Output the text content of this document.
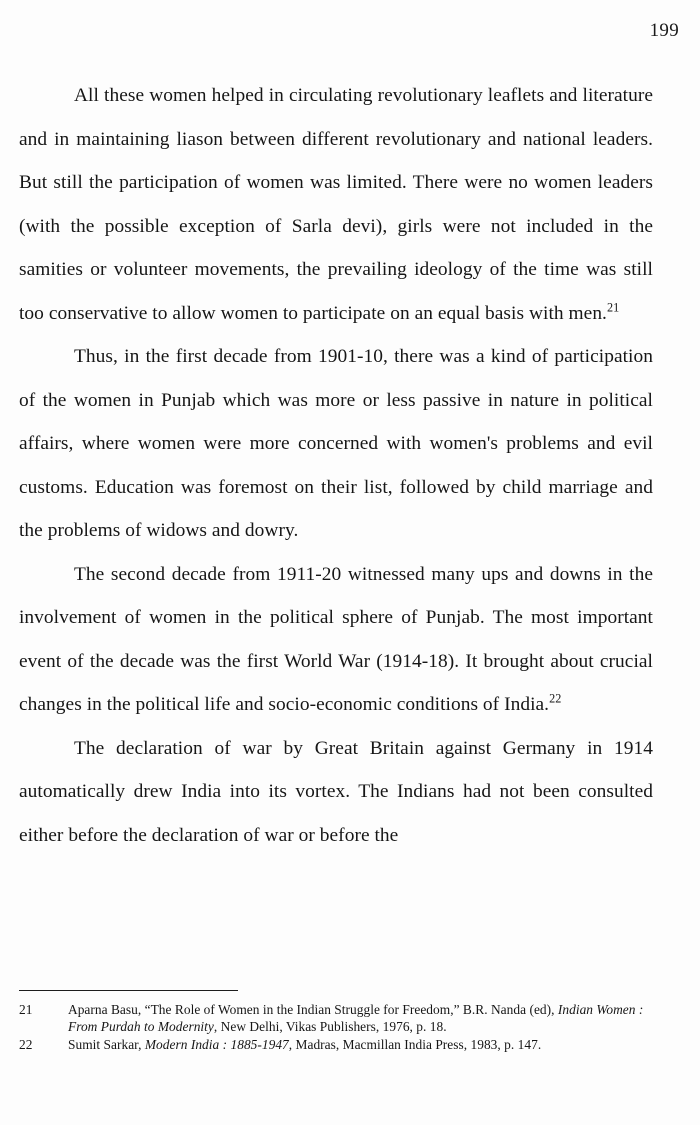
199

All these women helped in circulating revolutionary leaflets and literature and in maintaining liason between different revolutionary and national leaders. But still the participation of women was limited. There were no women leaders (with the possible exception of Sarla devi), girls were not included in the samities or volunteer movements, the prevailing ideology of the time was still too conservative to allow women to participate on an equal basis with men.$^{21}$

Thus, in the first decade from 1901-10, there was a kind of participation of the women in Punjab which was more or less passive in nature in political affairs, where women were more concerned with women's problems and evil customs. Education was foremost on their list, followed by child marriage and the problems of widows and dowry.

The second decade from 1911-20 witnessed many ups and downs in the involvement of women in the political sphere of Punjab. The most important event of the decade was the first World War (1914-18). It brought about crucial changes in the political life and socio-economic conditions of India.$^{22}$

The declaration of war by Great Britain against Germany in 1914 automatically drew India into its vortex. The Indians had not been consulted either before the declaration of war or before the

21	Aparna Basu, “The Role of Women in the Indian Struggle for Freedom,” B.R. Nanda (ed), Indian Women : From Purdah to Modernity, New Delhi, Vikas Publishers, 1976, p. 18.
22	Sumit Sarkar, Modern India : 1885-1947, Madras, Macmillan India Press, 1983, p. 147.
